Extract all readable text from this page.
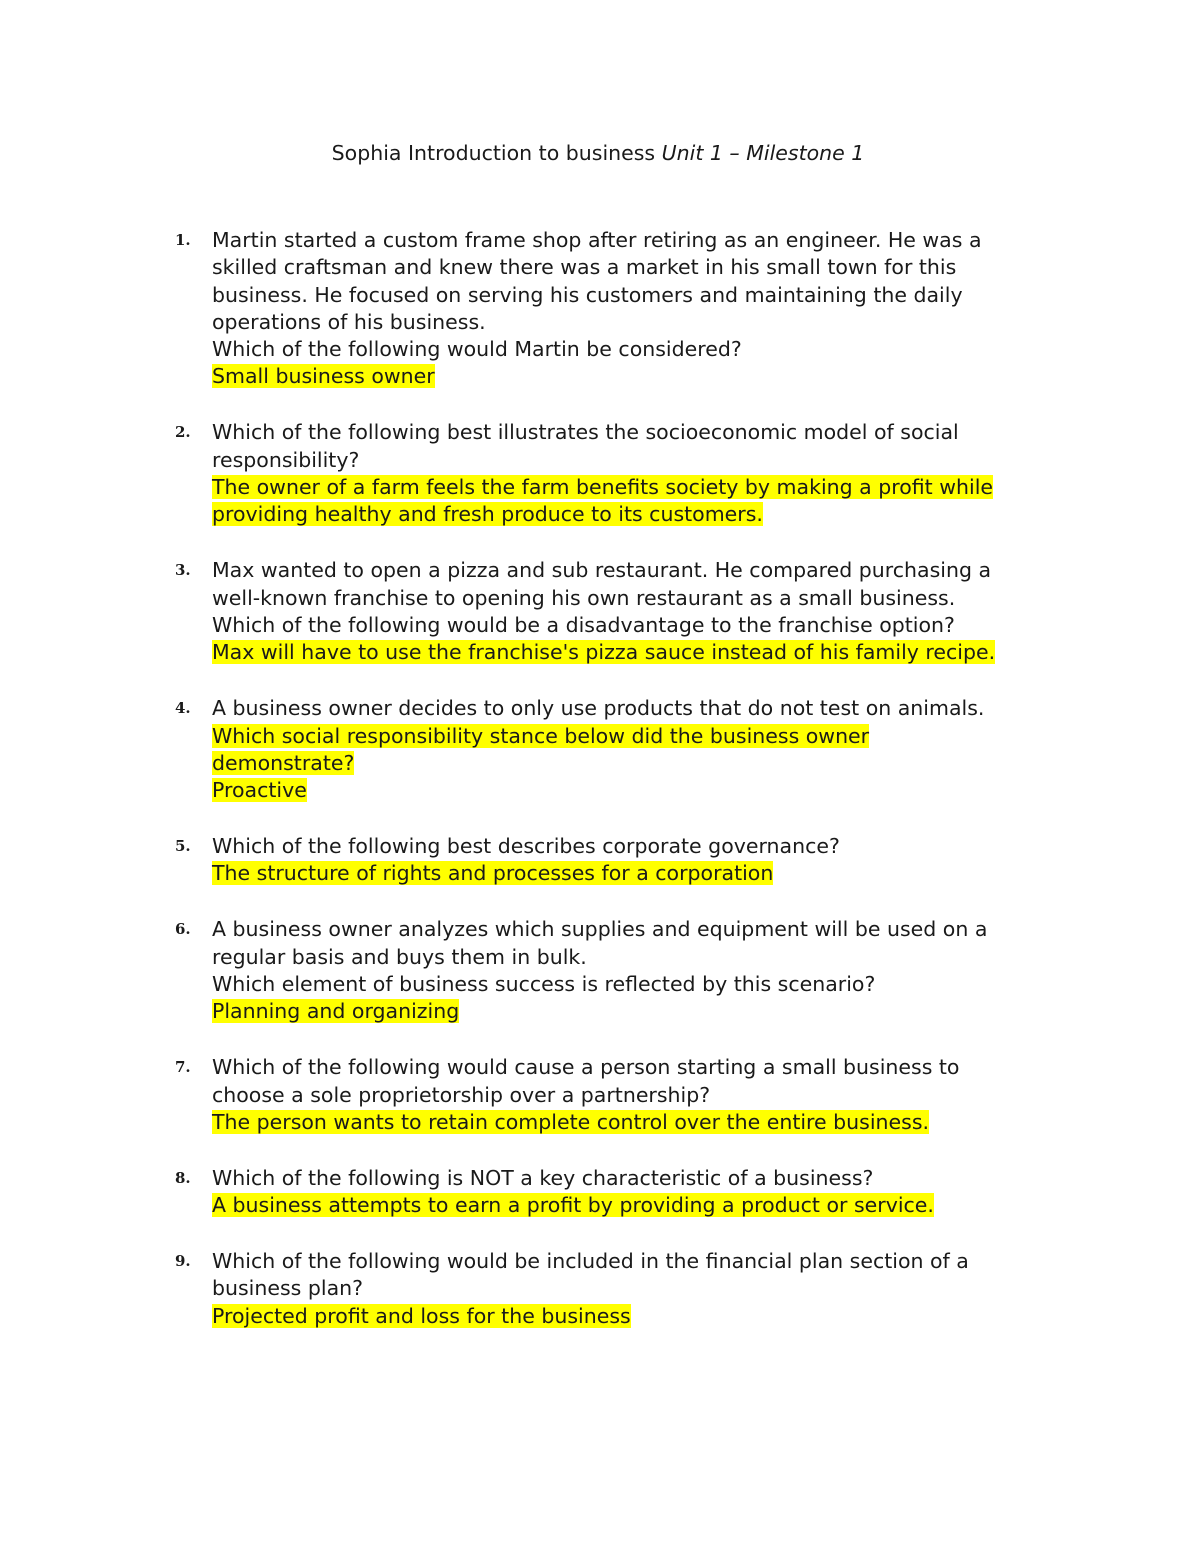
Sophia Introduction to business Unit 1 – Milestone 1
1. Martin started a custom frame shop after retiring as an engineer. He was a
skilled craftsman and knew there was a market in his small town for this
business. He focused on serving his customers and maintaining the daily
operations of his business.
Which of the following would Martin be considered?
Small business owner
2. Which of the following best illustrates the socioeconomic model of social
responsibility?
The owner of a farm feels the farm benefits society by making a profit while
providing healthy and fresh produce to its customers.
3. Max wanted to open a pizza and sub restaurant. He compared purchasing a
well-known franchise to opening his own restaurant as a small business.
Which of the following would be a disadvantage to the franchise option?
Max will have to use the franchise's pizza sauce instead of his family recipe.
4. A business owner decides to only use products that do not test on animals.
Which social responsibility stance below did the business owner
demonstrate?
Proactive
5. Which of the following best describes corporate governance?
The structure of rights and processes for a corporation
6. A business owner analyzes which supplies and equipment will be used on a
regular basis and buys them in bulk.
Which element of business success is reflected by this scenario?
Planning and organizing
7. Which of the following would cause a person starting a small business to
choose a sole proprietorship over a partnership?
The person wants to retain complete control over the entire business.
8. Which of the following is NOT a key characteristic of a business?
A business attempts to earn a profit by providing a product or service.
9. Which of the following would be included in the financial plan section of a
business plan?
Projected profit and loss for the business
